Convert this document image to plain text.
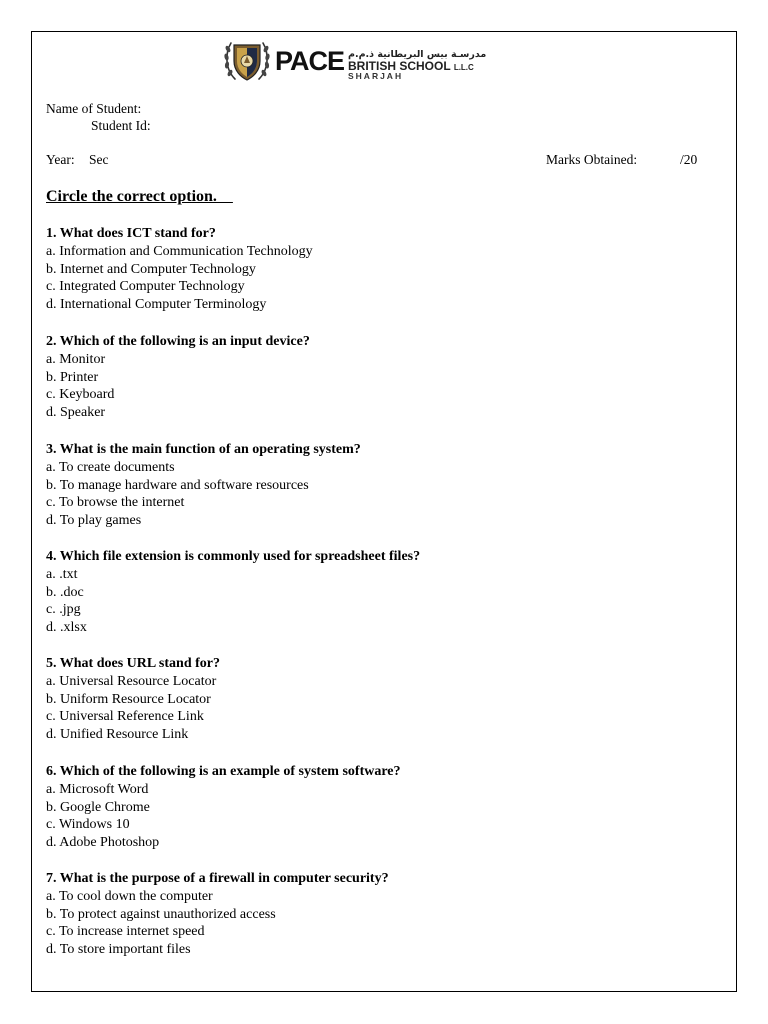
PACE مدرسـة بيس البريطانية ذ.م.م
BRITISH SCHOOL L.L.C
SHARJAH
Name of Student:
Student Id:
Year: Sec	Marks Obtained:	/20
Circle the correct option.
1. What does ICT stand for?
a. Information and Communication Technology
b. Internet and Computer Technology
c. Integrated Computer Technology
d. International Computer Terminology
2. Which of the following is an input device?
a. Monitor
b. Printer
c. Keyboard
d. Speaker
3. What is the main function of an operating system?
a. To create documents
b. To manage hardware and software resources
c. To browse the internet
d. To play games
4. Which file extension is commonly used for spreadsheet files?
a. .txt
b. .doc
c. .jpg
d. .xlsx
5. What does URL stand for?
a. Universal Resource Locator
b. Uniform Resource Locator
c. Universal Reference Link
d. Unified Resource Link
6. Which of the following is an example of system software?
a. Microsoft Word
b. Google Chrome
c. Windows 10
d. Adobe Photoshop
7. What is the purpose of a firewall in computer security?
a. To cool down the computer
b. To protect against unauthorized access
c. To increase internet speed
d. To store important files
